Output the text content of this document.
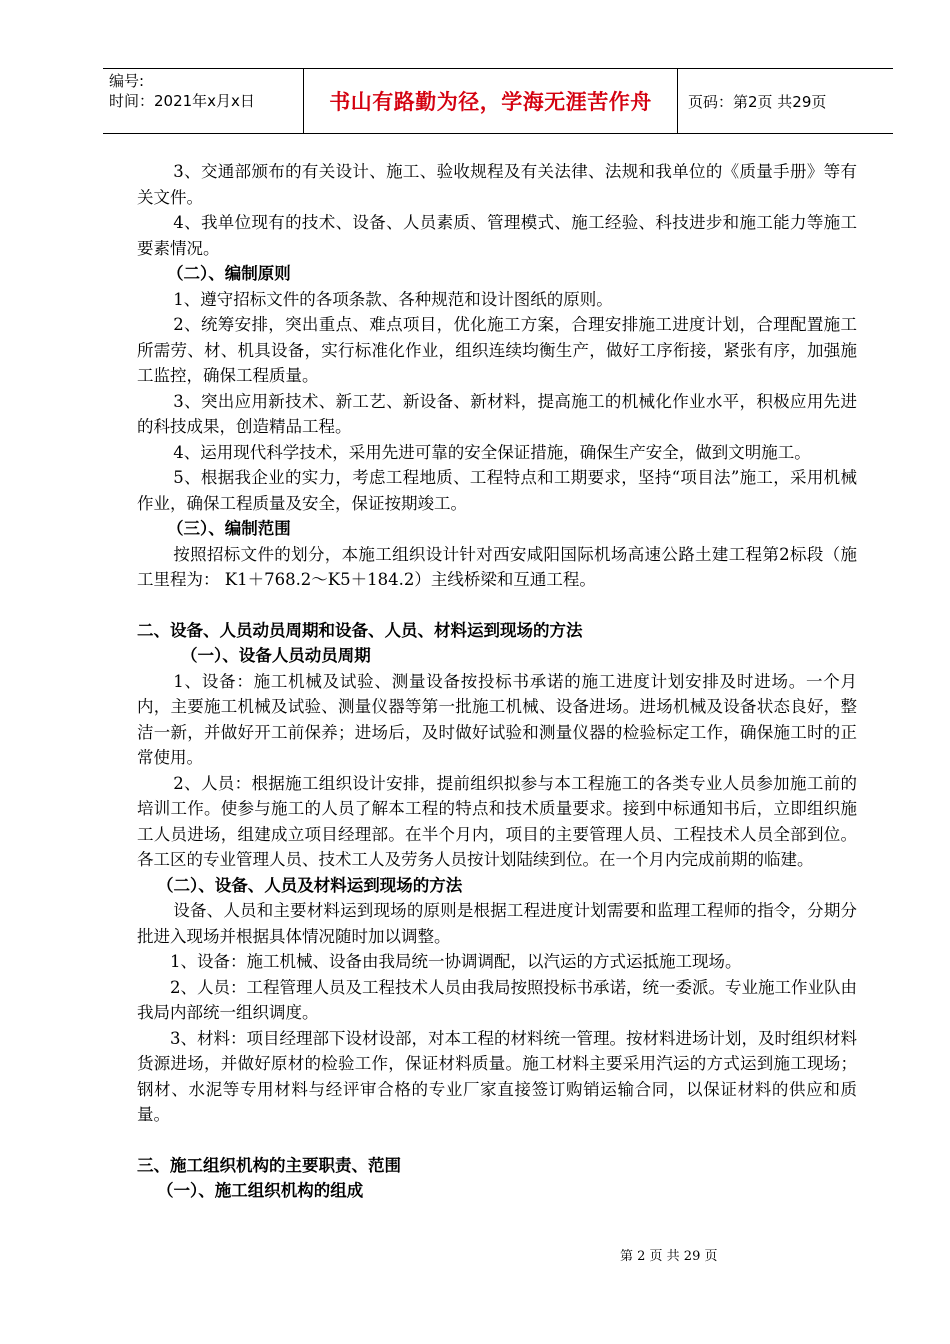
编号:
时间：2021年x月x日	书山有路勤为径，学海无涯苦作舟	页码：第2页 共29页

3、交通部颁布的有关设计、施工、验收规程及有关法律、法规和我单位的《质量手册》等有关文件。

4、我单位现有的技术、设备、人员素质、管理模式、施工经验、科技进步和施工能力等施工要素情况。

（二）、编制原则

1、遵守招标文件的各项条款、各种规范和设计图纸的原则。

2、统筹安排，突出重点、难点项目，优化施工方案，合理安排施工进度计划，合理配置施工所需劳、材、机具设备，实行标准化作业，组织连续均衡生产，做好工序衔接，紧张有序，加强施工监控，确保工程质量。

3、突出应用新技术、新工艺、新设备、新材料，提高施工的机械化作业水平，积极应用先进的科技成果，创造精品工程。

4、运用现代科学技术，采用先进可靠的安全保证措施，确保生产安全，做到文明施工。

5、根据我企业的实力，考虑工程地质、工程特点和工期要求，坚持“项目法”施工，采用机械作业，确保工程质量及安全，保证按期竣工。

（三）、编制范围

按照招标文件的划分，本施工组织设计针对西安咸阳国际机场高速公路土建工程第2标段（施工里程为： K1＋768.2～K5＋184.2）主线桥梁和互通工程。

二、设备、人员动员周期和设备、人员、材料运到现场的方法

（一）、设备人员动员周期

1、设备：施工机械及试验、测量设备按投标书承诺的施工进度计划安排及时进场。一个月内，主要施工机械及试验、测量仪器等第一批施工机械、设备进场。进场机械及设备状态良好，整洁一新，并做好开工前保养；进场后，及时做好试验和测量仪器的检验标定工作，确保施工时的正常使用。

2、人员：根据施工组织设计安排，提前组织拟参与本工程施工的各类专业人员参加施工前的培训工作。使参与施工的人员了解本工程的特点和技术质量要求。接到中标通知书后，立即组织施工人员进场，组建成立项目经理部。在半个月内，项目的主要管理人员、工程技术人员全部到位。各工区的专业管理人员、技术工人及劳务人员按计划陆续到位。在一个月内完成前期的临建。

（二）、设备、人员及材料运到现场的方法

设备、人员和主要材料运到现场的原则是根据工程进度计划需要和监理工程师的指令，分期分批进入现场并根据具体情况随时加以调整。

1、设备：施工机械、设备由我局统一协调调配，以汽运的方式运抵施工现场。

2、人员：工程管理人员及工程技术人员由我局按照投标书承诺，统一委派。专业施工作业队由我局内部统一组织调度。

3、材料：项目经理部下设材设部，对本工程的材料统一管理。按材料进场计划，及时组织材料货源进场，并做好原材的检验工作，保证材料质量。施工材料主要采用汽运的方式运到施工现场；钢材、水泥等专用材料与经评审合格的专业厂家直接签订购销运输合同，以保证材料的供应和质量。

三、施工组织机构的主要职责、范围

（一）、施工组织机构的组成

第 2 页 共 29 页
